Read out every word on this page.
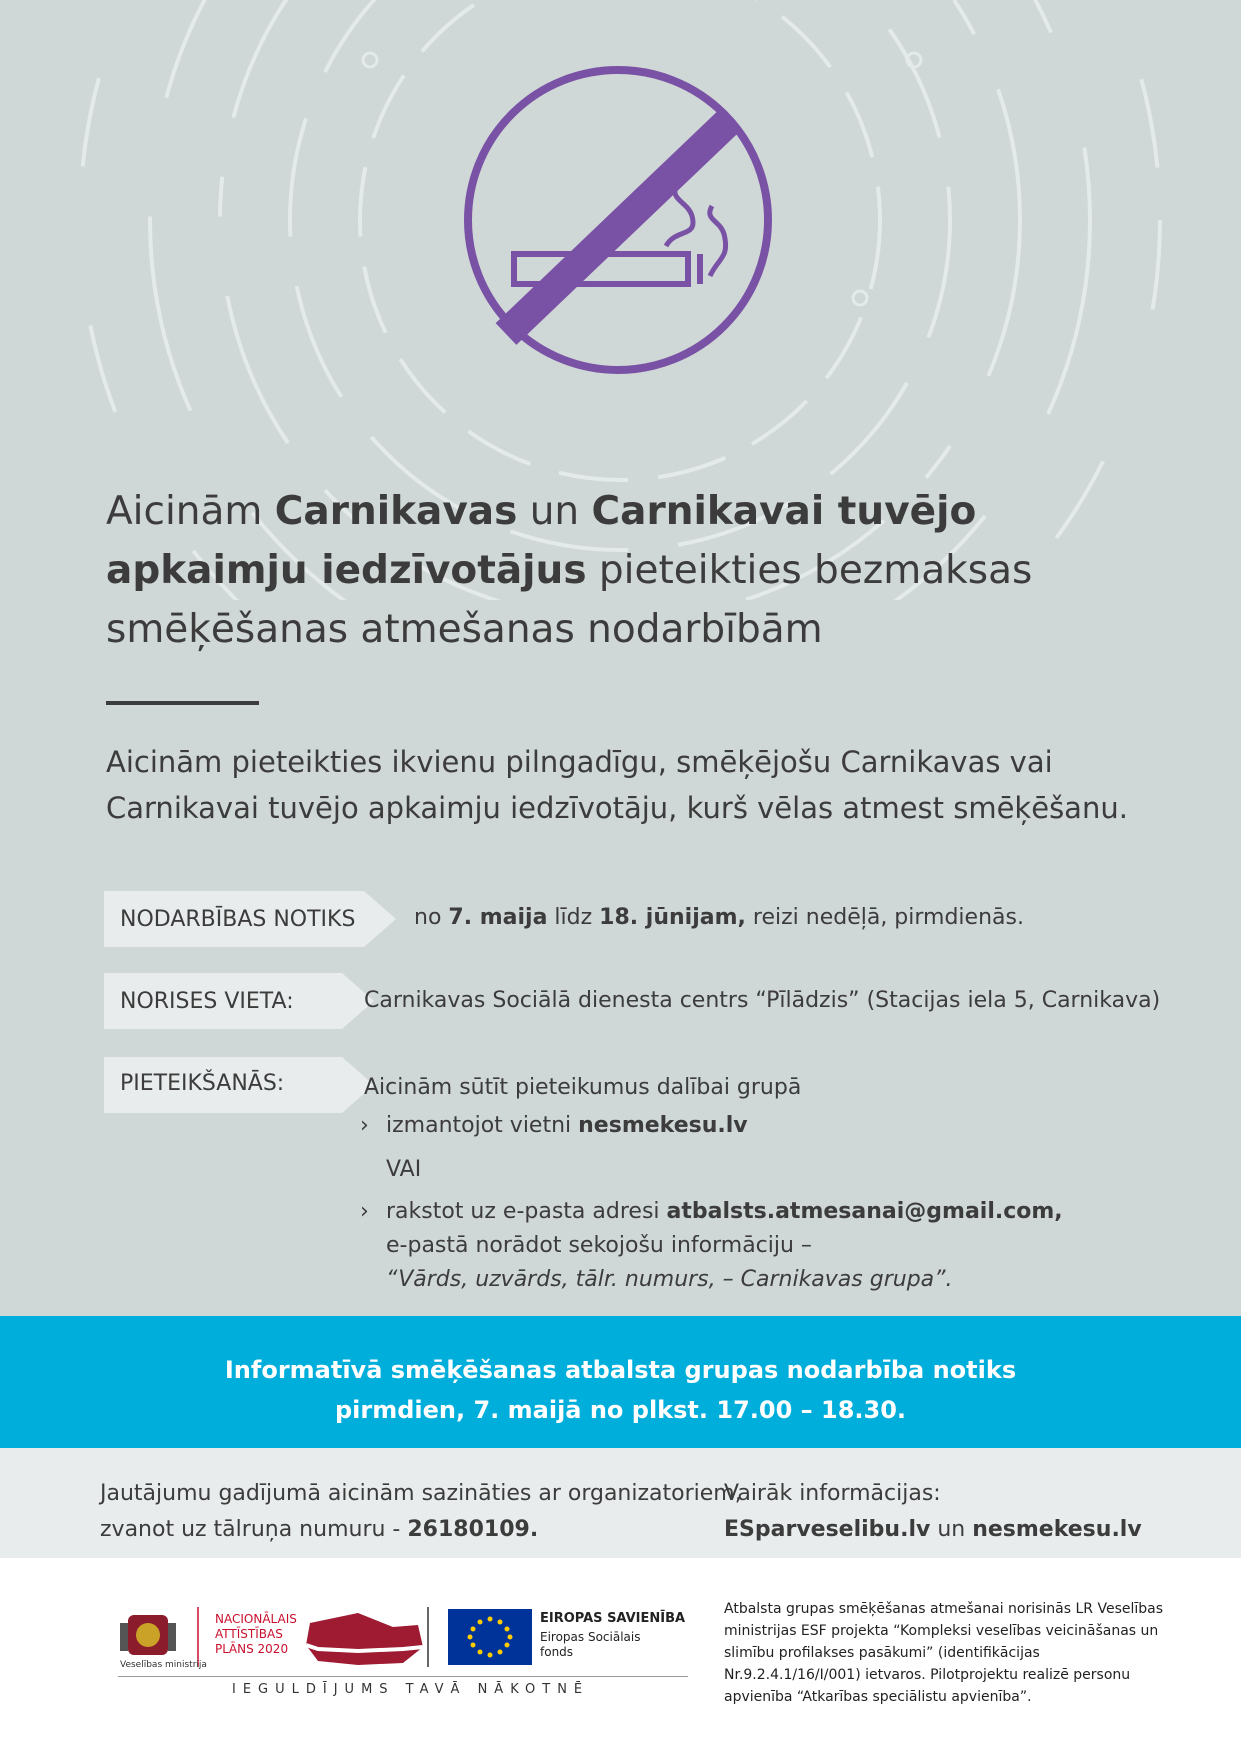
Aicinām Carnikavas un Carnikavai tuvējo apkaimju iedzīvotājus pieteikties bezmaksas smēķēšanas atmešanas nodarbībām
Aicinām pieteikties ikvienu pilngadīgu, smēķējošu Carnikavas vai Carnikavai tuvējo apkaimju iedzīvotāju, kurš vēlas atmest smēķēšanu.
NODARBĪBAS NOTIKS	no 7. maija līdz 18. jūnijam, reizi nedēļā, pirmdienās.
NORISES VIETA:	Carnikavas Sociālā dienesta centrs “Pīlādzis” (Stacijas iela 5, Carnikava)
PIETEIKŠANĀS:	Aicinām sūtīt pieteikumus dalībai grupā
› izmantojot vietni nesmekesu.lv
VAI
› rakstot uz e-pasta adresi atbalsts.atmesanai@gmail.com,
e-pastā norādot sekojošu informāciju –
“Vārds, uzvārds, tālr. numurs, – Carnikavas grupa”.
Informatīvā smēķēšanas atbalsta grupas nodarbība notiks
pirmdien, 7. maijā no plkst. 17.00 – 18.30.
Jautājumu gadījumā aicinām sazināties ar organizatoriem,
zvanot uz tālruņa numuru - 26180109.
Vairāk informācijas:
ESparveselibu.lv un nesmekesu.lv
Veselības ministrija
NACIONĀLAIS
ATTĪSTĪBAS
PLĀNS 2020
EIROPAS SAVIENĪBA
Eiropas Sociālais
fonds
IEGULDĪJUMS TAVĀ NĀKOTNĒ
Atbalsta grupas smēķēšanas atmešanai norisinās LR Veselības ministrijas ESF projekta “Kompleksi veselības veicināšanas un slimību profilakses pasākumi” (identifikācijas Nr.9.2.4.1/16/I/001) ietvaros. Pilotprojektu realizē personu apvienība “Atkarības speciālistu apvienība”.
